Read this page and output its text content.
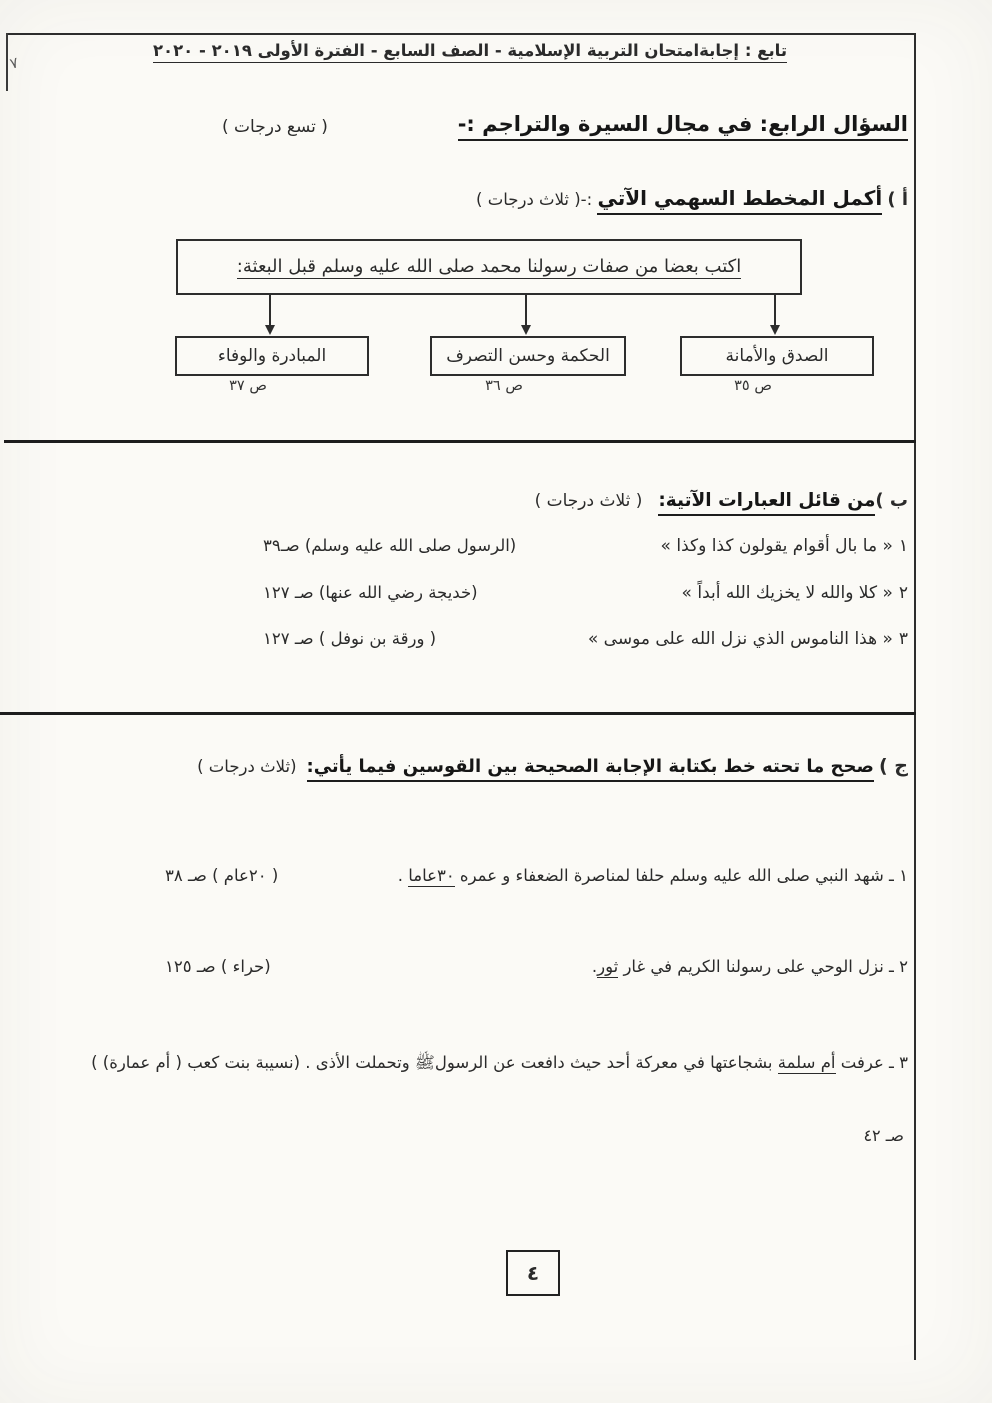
٧
تابع : إجابةامتحان التربية الإسلامية - الصف السابع - الفترة الأولى ٢٠١٩ - ٢٠٢٠
السؤال الرابع: في مجال السيرة والتراجم :-
( تسع درجات )
أ ) أكمل المخطط السهمي الآتي :-( ثلاث درجات )
اكتب بعضا من صفات رسولنا محمد صلى الله عليه وسلم قبل البعثة:
الصدق والأمانة
الحكمة وحسن التصرف
المبادرة والوفاء
ص ٣٥
ص ٣٦
ص ٣٧
ب )من قائل العبارات الآتية:( ثلاث درجات )
١« ما بال أقوام يقولون كذا وكذا »
(الرسول صلى الله عليه وسلم) صـ٣٩
٢« كلا والله لا يخزيك الله أبداً »
(خديجة رضي الله عنها) صـ ١٢٧
٣« هذا الناموس الذي نزل الله على موسى »
( ورقة بن نوفل ) صـ ١٢٧
ج ) صحح ما تحته خط بكتابة الإجابة الصحيحة بين القوسين فيما يأتي:(ثلاث درجات )
١ ـ شهد النبي صلى الله عليه وسلم حلفا لمناصرة الضعفاء و عمره ٣٠عاما .
( ٢٠عام ) صـ ٣٨
٢ ـ نزل الوحي على رسولنا الكريم في غار ثور.
(حراء ) صـ ١٢٥
٣ ـ عرفت أم سلمة بشجاعتها في معركة أحد حيث دافعت عن الرسولﷺ وتحملت الأذى . (نسيبة بنت كعب ( أم عمارة) )
صـ ٤٢
٤
